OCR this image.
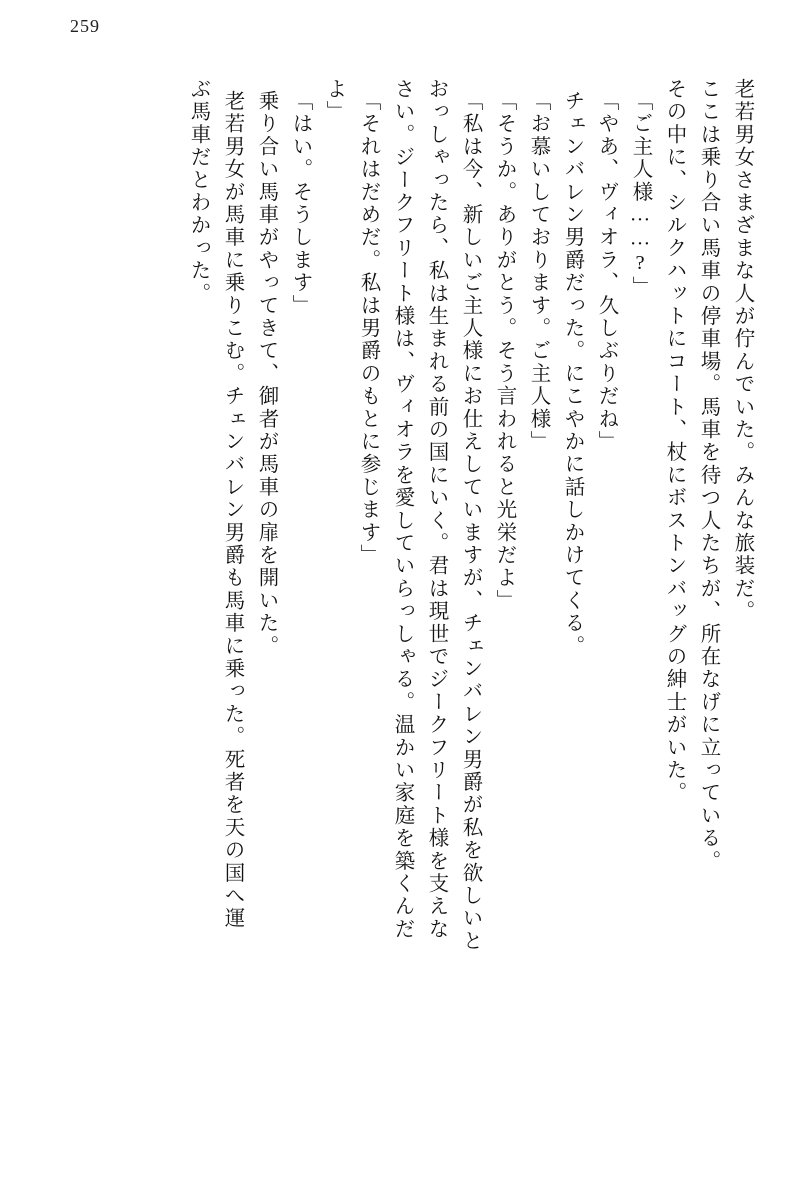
259
老若男女さまざまな人が佇んでいた。みんな旅装だ。
ここは乗り合い馬車の停車場。馬車を待つ人たちが、所在なげに立っている。
その中に、シルクハットにコート、杖にボストンバッグの紳士がいた。
「ご主人様……?」
「やあ、ヴィオラ、久しぶりだね」
チェンバレン男爵だった。にこやかに話しかけてくる。
「お慕いしております。ご主人様」
「そうか。ありがとう。そう言われると光栄だよ」
「私は今、新しいご主人様にお仕えしていますが、チェンバレン男爵が私を欲しいと
おっしゃったら、私は生まれる前の国にいく。君は現世でジークフリート様を支えな
さい。ジークフリート様は、ヴィオラを愛していらっしゃる。温かい家庭を築くんだ
「それはだめだ。私は男爵のもとに参じます」
よ」
「はい。そうします」
乗り合い馬車がやってきて、御者が馬車の扉を開いた。
老若男女が馬車に乗りこむ。チェンバレン男爵も馬車に乗った。死者を天の国へ運
ぶ馬車だとわかった。
